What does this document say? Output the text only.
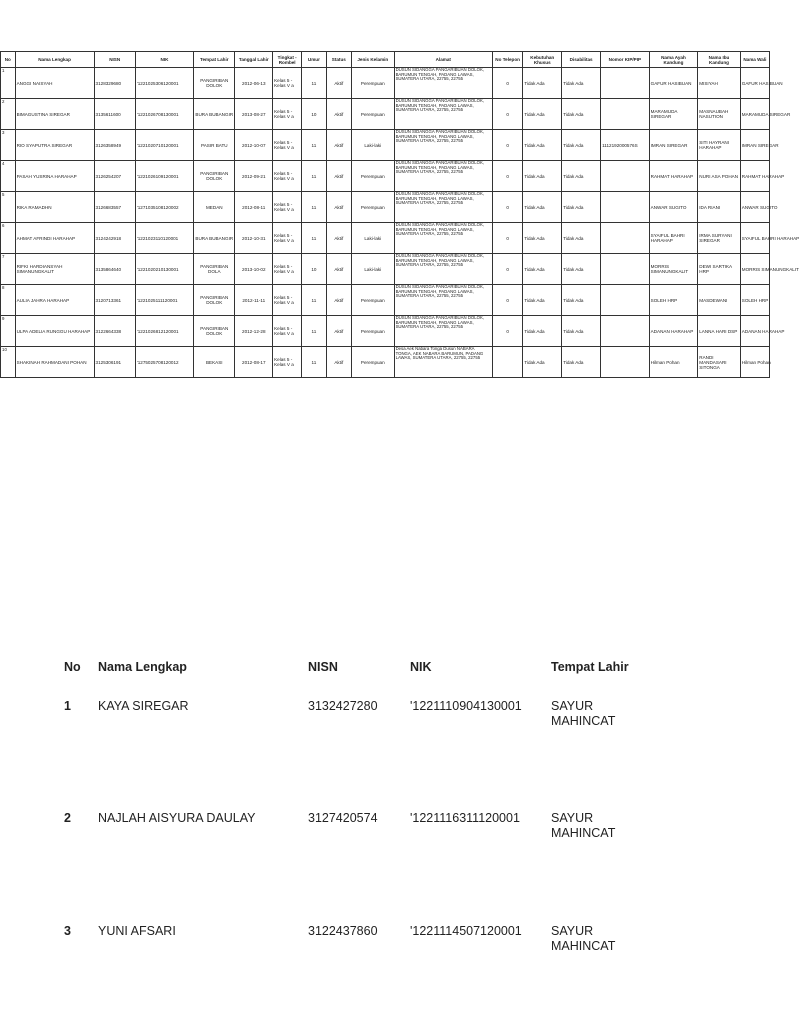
No	Nama Lengkap	NISN	NIK	Tempat Lahir	Tanggal Lahir	Tingkat - Rombel	Umur	Status	Jenis Kelamin	Alamat	No Telepon	Kebutuhan Khusus	Disabilitas	Nomor KIP/PIP	Nama Ayah Kandung	Nama Ibu Kandung	Nama Wali
1	ANGGI NAISYAH	3128329680	'1221025306120001	PANGIRIBAN DOLOK	2012-06-13	Kelas 5 - Kelas V a	11	Aktif	Perempuan	DUSUN SIDANGGA PANGARIBUAN DOLOK, BARUMUN TENGAH, PADANG LAWAS, SUMATERA UTARA, 22755, 22755	0	Tidak Ada	Tidak Ada		GAFUR HASIBUAN	MISIYAH	GAFUR HASIBUAN
2	BIMAGUSTINA SIREGAR	3135611600	'1221026708130001	BURA BUBANGIR	2013-08-27	Kelas 5 - Kelas V a	10	Aktif	Perempuan	DUSUN SIDANGGA PANGARIBUAN DOLOK, BARUMUN TENGAH, PADANG LAWAS, SUMATERA UTARA, 22755, 22755	0	Tidak Ada	Tidak Ada		MARAMUDA SIREGAR	MASNAUBAH NASUTION	MARAMUDA SIREGAR
3	RIO SYAPUTRA SIREGAR	3126358949	'1221020710120001	PASIR BATU	2012-10-07	Kelas 5 - Kelas V a	11	Aktif	Laki-laki	DUSUN SIDANGGA PANGARIBUAN DOLOK, BARUMUN TENGAH, PADANG LAWAS, SUMATERA UTARA, 22755, 22755	0	Tidak Ada	Tidak Ada	1112192000576S	IMRAN SIREGAR	SITI HAYRANI HARAHAP	IMRAN SIREGAR
4	PASAH YUSRINA HARAHAP	3126254207	'1221026109120001	PANGIRIBAN DOLOK	2012-09-21	Kelas 5 - Kelas V a	11	Aktif	Perempuan	DUSUN SIDANGGA PANGARIBUAN DOLOK, BARUMUN TENGAH, PADANG LAWAS, SUMATERA UTARA, 22755, 22755	0	Tidak Ada	Tidak Ada		RAHMAT HARAHAP	NURI ASA POHAN	RAHMAT HARAHAP
5	RIKA RAMADHN	3126683557	'1271035108120002	MEDAN	2012-08-11	Kelas 5 - Kelas V a	11	Aktif	Perempuan	DUSUN SIDANGGA PANGARIBUAN DOLOK, BARUMUN TENGAH, PADANG LAWAS, SUMATERA UTARA, 22755, 22755	0	Tidak Ada	Tidak Ada		ANWAR SUGITO	IDA RIANI	ANWAR SUGITO
6	AHMAT AFRINDI HARAHAP	3124242918	'1221023110120001	BURA BUBANGIR	2012-10-31	Kelas 5 - Kelas V a	11	Aktif	Laki-laki	DUSUN SIDANGGA PANGARIBUAN DOLOK, BARUMUN TENGAH, PADANG LAWAS, SUMATERA UTARA, 22755, 22755	0	Tidak Ada	Tidak Ada		SYAIFUL BAHRI HARAHAP	IRMA SURYANI SIREGAR	SYAIFUL BAHRI HARAHAP
7	RIFKI HARDIANSYAH SIMANUNGKALIT	3135864640	'1221020210130001	PANGIRIBAN DOLA	2013-10-02	Kelas 5 - Kelas V a	10	Aktif	Laki-laki	DUSUN SIDANGGA PANGARIBUAN DOLOK, BARUMUN TENGAH, PADANG LAWAS, SUMATERA UTARA, 22755, 22755	0	Tidak Ada	Tidak Ada		MORRIS SIMANUNGKALIT	DEWI SARTIKA HRP	MORRIS SIMANUNGKALIT
8	AULIA JAHRA HARAHAP	3120713361	'1221025111120001	PANGIRIBAN DOLOK	2012-11-11	Kelas 5 - Kelas V a	11	Aktif	Perempuan	DUSUN SIDANGGA PANGARIBUAN DOLOK, BARUMUN TENGAH, PADANG LAWAS, SUMATERA UTARA, 22755, 22755	0	Tidak Ada	Tidak Ada		SOLEH HRP	MASDEWANI	SOLEH HRP
9	ULPA ADELIA RUNGGU HARAHAP	3122664338	'1221026812120001	PANGIRIBAN DOLOK	2012-12-28	Kelas 5 - Kelas V a	11	Aktif	Perempuan	DUSUN SIDANGGA PANGARIBUAN DOLOK, BARUMUN TENGAH, PADANG LAWAS, SUMATERA UTARA, 22755, 22755	0	Tidak Ada	Tidak Ada		ADANAN HARAHAP	LANNA HARI DSP	ADANAN HARAHAP
10	SHAKINAH RAHMADANI POHAN	3125306191	'1275025708120012	BEKASI	2012-08-17	Kelas 5 - Kelas V a	11	Aktif	Perempuan	Desa Aek Nabara Tonga Dusun NABARA TONGA, AEK NABARA BARUMUN, PADANG LAWAS, SUMATERA UTARA, 22755, 22755		Tidak Ada	Tidak Ada		Hilman Pohan	RANDI MANDASARI SITONGA	Hilman Pohan
No Nama Lengkap	NISN	NIK	Tempat Lahir
1 KAYA SIREGAR	3132427280	'1221110904130001 SAYUR
MAHINCAT
2 NAJLAH AISYURA DAULAY	3127420574	'1221116311120001 SAYUR
MAHINCAT
3 YUNI AFSARI	3122437860	'1221114507120001 SAYUR
MAHINCAT
